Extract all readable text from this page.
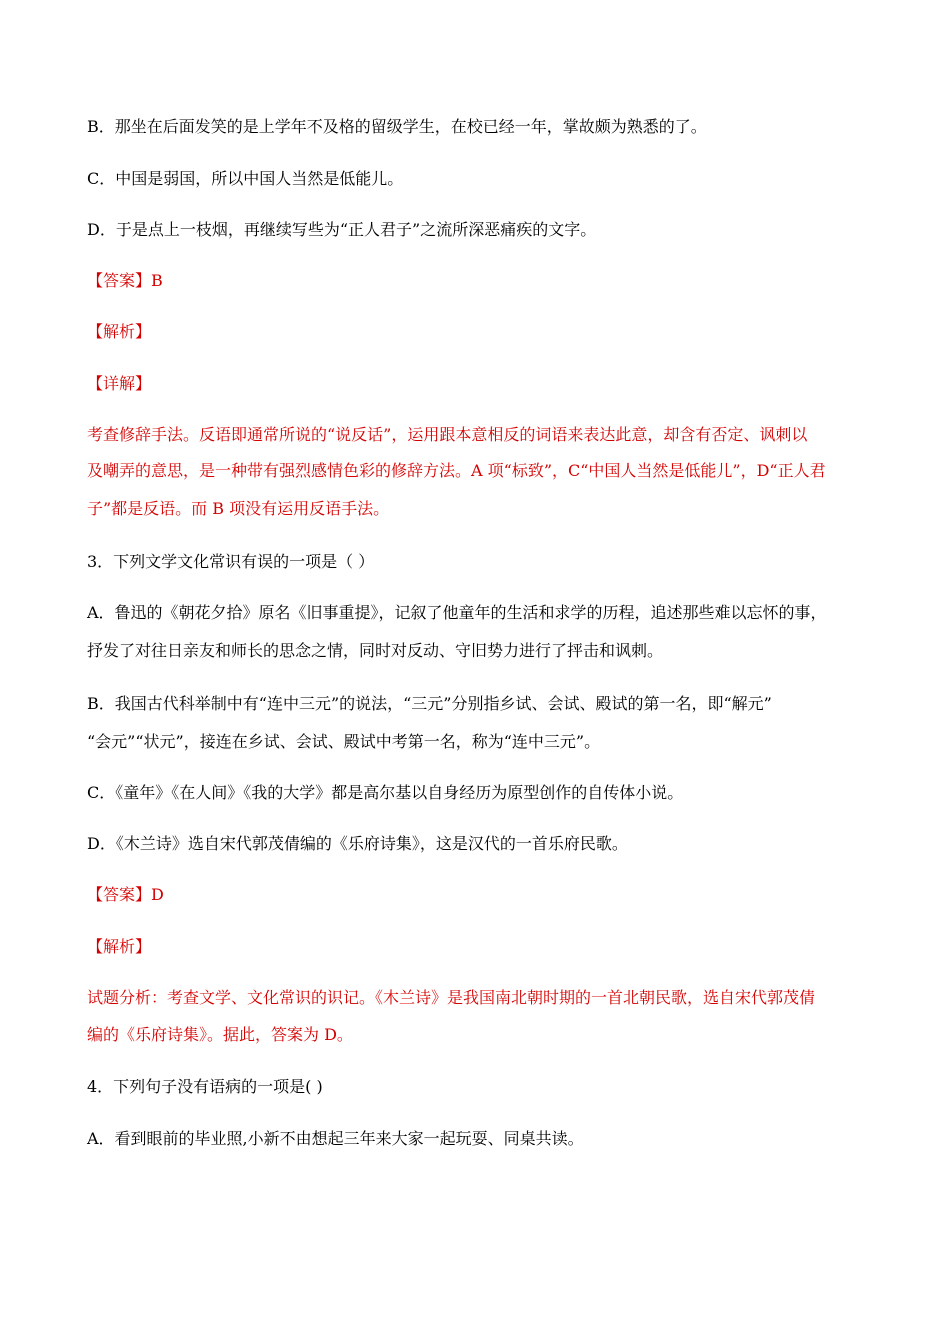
B．那坐在后面发笑的是上学年不及格的留级学生，在校已经一年，掌故颇为熟悉的了。
C．中国是弱国，所以中国人当然是低能儿。
D．于是点上一枝烟，再继续写些为“正人君子”之流所深恶痛疾的文字。
【答案】B
【解析】
【详解】
考查修辞手法。反语即通常所说的“说反话”，运用跟本意相反的词语来表达此意，却含有否定、讽刺以
及嘲弄的意思，是一种带有强烈感情色彩的修辞方法。A 项“标致”，C“中国人当然是低能儿”，D“正人君
子”都是反语。而 B 项没有运用反语手法。
3．下列文学文化常识有误的一项是（ ）
A．鲁迅的《朝花夕拾》原名《旧事重提》，记叙了他童年的生活和求学的历程，追述那些难以忘怀的事，
抒发了对往日亲友和师长的思念之情，同时对反动、守旧势力进行了抨击和讽刺。
B．我国古代科举制中有“连中三元”的说法，“三元”分别指乡试、会试、殿试的第一名，即“解元”
“会元”“状元”，接连在乡试、会试、殿试中考第一名，称为“连中三元”。
C．《童年》《在人间》《我的大学》都是高尔基以自身经历为原型创作的自传体小说。
D．《木兰诗》选自宋代郭茂倩编的《乐府诗集》，这是汉代的一首乐府民歌。
【答案】D
【解析】
试题分析：考查文学、文化常识的识记。《木兰诗》是我国南北朝时期的一首北朝民歌，选自宋代郭茂倩
编的《乐府诗集》。据此，答案为 D。
4．下列句子没有语病的一项是( )
A．看到眼前的毕业照,小新不由想起三年来大家一起玩耍、同桌共读。
